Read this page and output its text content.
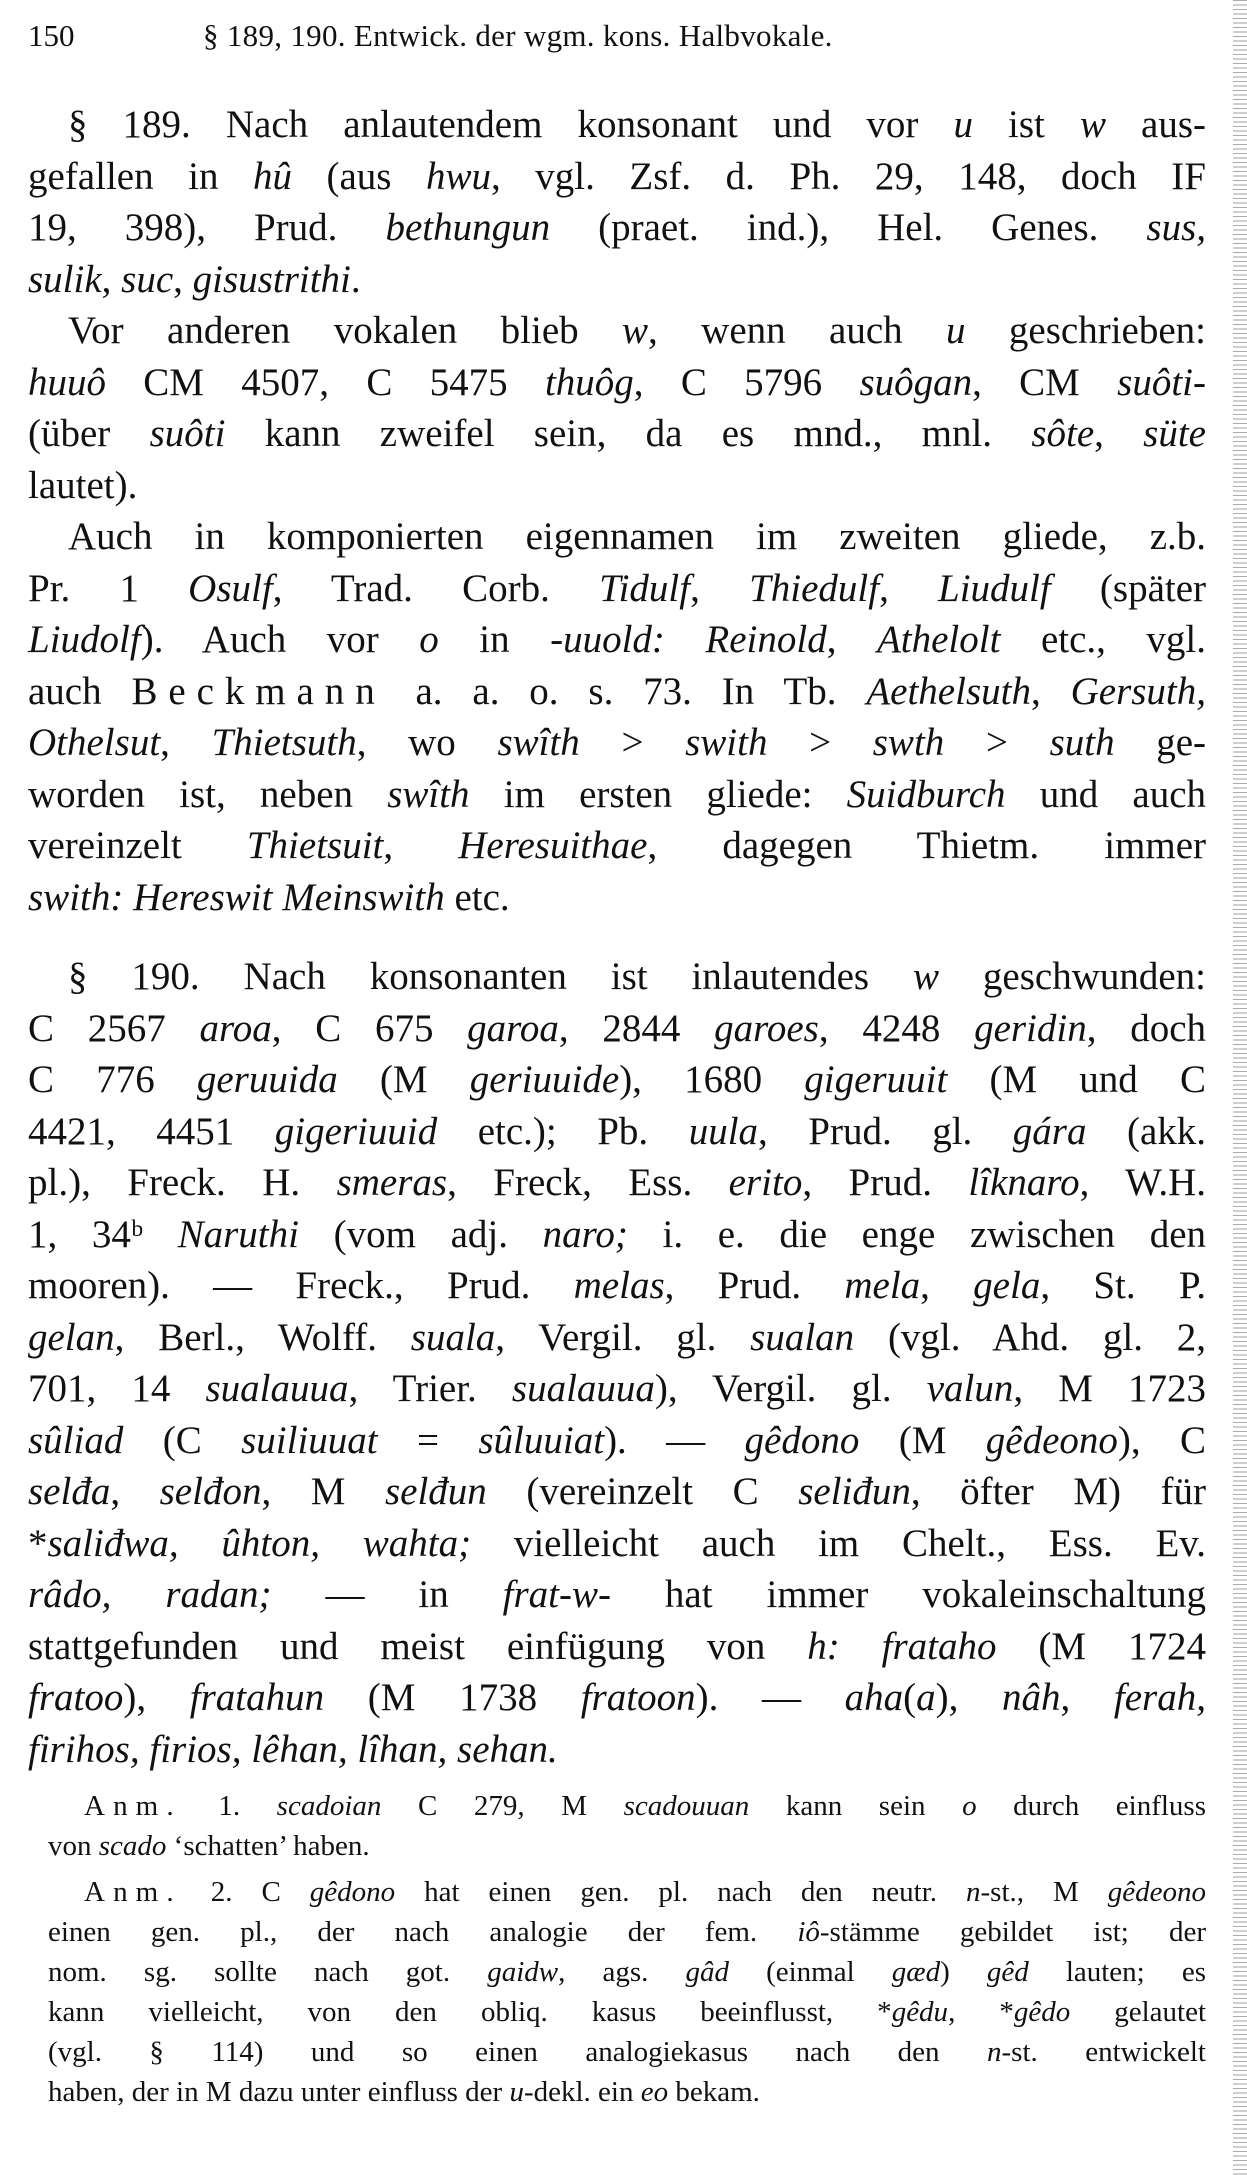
150	§ 189, 190. Entwick. der wgm. kons. Halbvokale.
§ 189. Nach anlautendem konsonant und vor u ist w aus-
gefallen in hû (aus hwu, vgl. Zsf. d. Ph. 29, 148, doch IF
19, 398), Prud. bethungun (praet. ind.), Hel. Genes. sus,
sulik, suc, gisustrithi.
Vor anderen vokalen blieb w, wenn auch u geschrieben:
huuô CM 4507, C 5475 thuôg, C 5796 suôgan, CM suôti-
(über suôti kann zweifel sein, da es mnd., mnl. sôte, süte
lautet).
Auch in komponierten eigennamen im zweiten gliede, z.b.
Pr. 1 Osulf, Trad. Corb. Tidulf, Thiedulf, Liudulf (später
Liudolf). Auch vor o in -uuold: Reinold, Athelolt etc., vgl.
auch Beckmann a. a. o. s. 73. In Tb. Aethelsuth, Gersuth,
Othelsut, Thietsuth, wo swîth > swith > swth > suth ge-
worden ist, neben swîth im ersten gliede: Suidburch und auch
vereinzelt Thietsuit, Heresuithae, dagegen Thietm. immer
swith: Hereswit Meinswith etc.
§ 190. Nach konsonanten ist inlautendes w geschwunden:
C 2567 aroa, C 675 garoa, 2844 garoes, 4248 geridin, doch
C 776 geruuida (M geriuuide), 1680 gigeruuit (M und C
4421, 4451 gigeriuuid etc.); Pb. uula, Prud. gl. gára (akk.
pl.), Freck. H. smeras, Freck, Ess. erito, Prud. lîknaro, W.H.
1, 34ᵇ Naruthi (vom adj. naro; i. e. die enge zwischen den
mooren). — Freck., Prud. melas, Prud. mela, gela, St. P.
gelan, Berl., Wolff. suala, Vergil. gl. sualan (vgl. Ahd. gl. 2,
701, 14 sualauua, Trier. sualauua), Vergil. gl. valun, M 1723
sûliad (C suiliuuat = sûluuiat). — gêdono (M gêdeono), C
selđa, selđon, M selđun (vereinzelt C seliđun, öfter M) für
*saliđwa, ûhton, wahta; vielleicht auch im Chelt., Ess. Ev.
râdo, radan; — in frat-w- hat immer vokaleinschaltung
stattgefunden und meist einfügung von h: frataho (M 1724
fratoo), fratahun (M 1738 fratoon). — aha(a), nâh, ferah,
firihos, firios, lêhan, lîhan, sehan.
Anm. 1. scadoian C 279, M scadouuan kann sein o durch einfluss
von scado ‘schatten’ haben.
Anm. 2. C gêdono hat einen gen. pl. nach den neutr. n-st., M gêdeono
einen gen. pl., der nach analogie der fem. iô-stämme gebildet ist; der
nom. sg. sollte nach got. gaidw, ags. gâd (einmal gæd) gêd lauten; es
kann vielleicht, von den obliq. kasus beeinflusst, *gêdu, *gêdo gelautet
(vgl. § 114) und so einen analogiekasus nach den n-st. entwickelt
haben, der in M dazu unter einfluss der u-dekl. ein eo bekam.
